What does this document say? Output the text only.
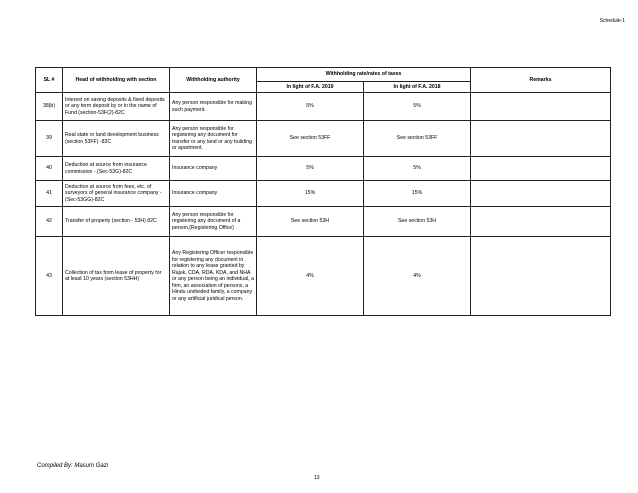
Schedule-1
SL #	Head of withholding with section	Withholding authority	Withholding rate/rates of taxes		Remarks
			In light of F.A. 2019	In light of F.A. 2018	
38(b)	Interest on saving deposits & fixed deposits or any term deposit by or in the name of Fund (section-53F(2)-82C	Any person responsible for making such payment.	5%	5%	
39	Real state or land development business (section 53FF) -82C	Any person responsible for registering any document for transfer or any land or any building or apartment.	See section 53FF	See section 53FF	
40	Deduction at source from insurance commission - (Sec-53G)-82C	Insurance company	5%	5%	
41	Deduction at source from fees, etc. of surveyors of general insurance company - (Sec-53GG)-82C	Insurance company	15%	15%	
42	Transfer of property (section - 53H) 82C	Any person responsible for registering any document of a person,(Registering Office)	See section 53H	See section 53H	
43	Collection of tax from lease of property for at least 10 years (section 53HH)	Any Registering Officer responsible for registering any document in relation to any lease granted by Rajuk, CDA, RDA, KDA, and NHA or any person being an individual, a firm, an association of persons, a Hindu undivided family, a company or any artificial juridical person.	4%	4%	
Compiled By: Masum Gazi
13
